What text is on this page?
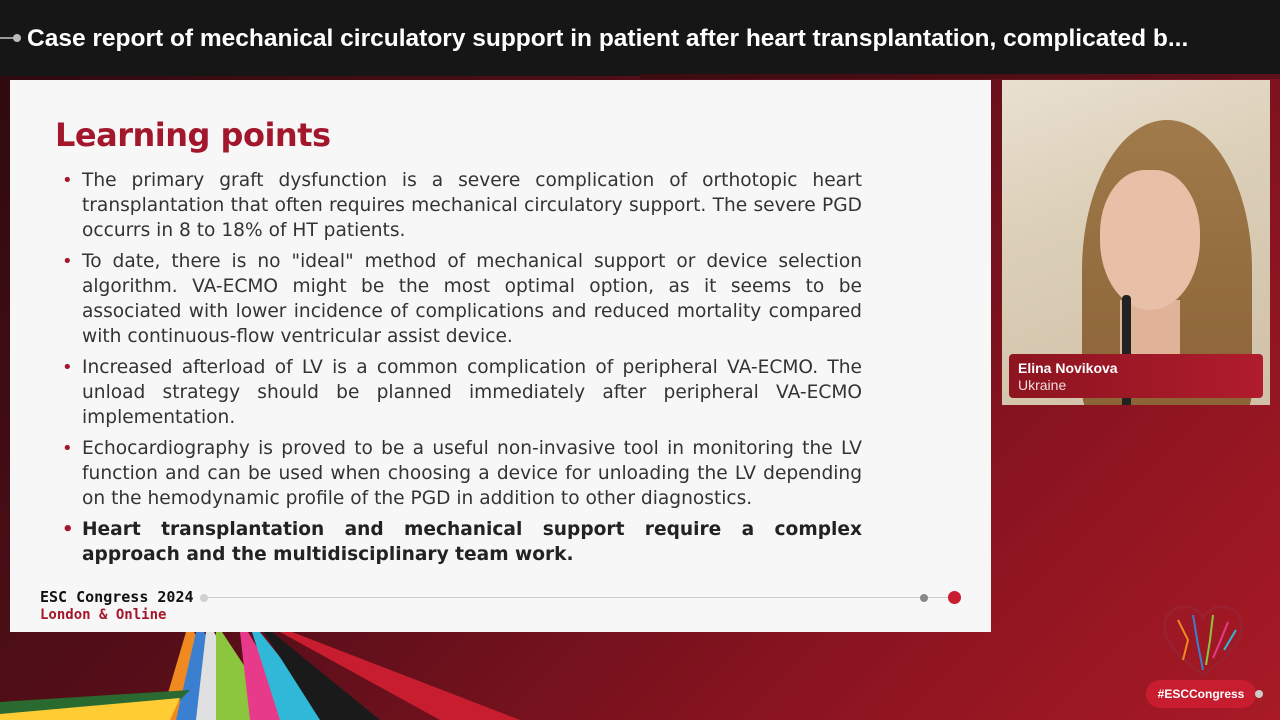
Case report of mechanical circulatory support in patient after heart transplantation, complicated b...
Learning points
• The primary graft dysfunction is a severe complication of orthotopic heart transplantation that often requires mechanical circulatory support. The severe PGD occurrs in 8 to 18% of HT patients.
• To date, there is no "ideal" method of mechanical support or device selection algorithm. VA-ECMO might be the most optimal option, as it seems to be associated with lower incidence of complications and reduced mortality compared with continuous-flow ventricular assist device.
• Increased afterload of LV is a common complication of peripheral VA-ECMO. The unload strategy should be planned immediately after peripheral VA-ECMO implementation.
• Echocardiography is proved to be a useful non-invasive tool in monitoring the LV function and can be used when choosing a device for unloading the LV depending on the hemodynamic profile of the PGD in addition to other diagnostics.
• Heart transplantation and mechanical support require a complex approach and the multidisciplinary team work.
ESC Congress 2024
London & Online
Elina Novikova
Ukraine
#ESCCongress
